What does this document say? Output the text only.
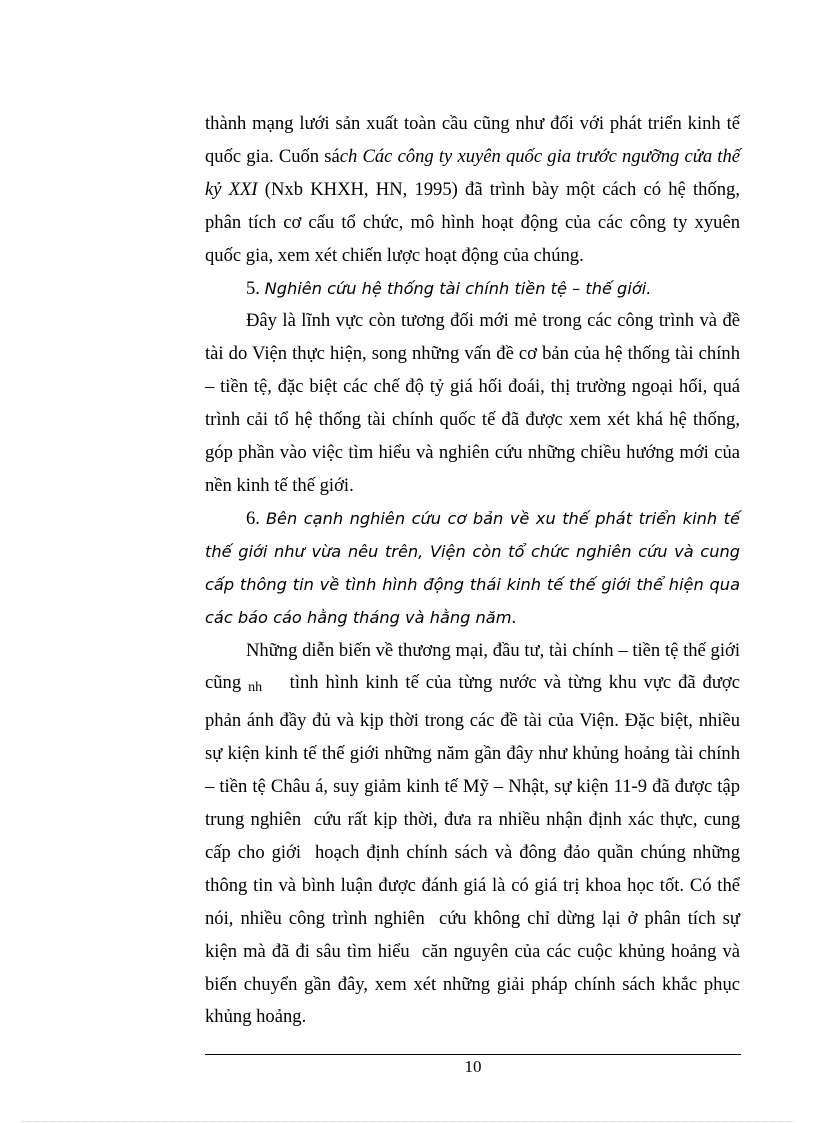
thành mạng lưới sản xuất toàn cầu cũng như đối với phát triển kinh tế quốc gia. Cuốn sách Các công ty xuyên quốc gia trước ngưỡng cửa thế kỷ XXI (Nxb KHXH, HN, 1995) đã trình bày một cách có hệ thống, phân tích cơ cấu tổ chức, mô hình hoạt động của các công ty xyuên quốc gia, xem xét chiến lược hoạt động của chúng.

5. Nghiên cứu hệ thống tài chính tiền tệ – thế giới.

Đây là lĩnh vực còn tương đối mới mẻ trong các công trình và đề tài do Viện thực hiện, song những vấn đề cơ bản của hệ thống tài chính – tiền tệ, đặc biệt các chế độ tỷ giá hối đoái, thị trường ngoại hối, quá trình cải tổ hệ thống tài chính quốc tế đã được xem xét khá hệ thống, góp phần vào việc tìm hiểu và nghiên cứu những chiều hướng mới của nền kinh tế thế giới.

6. Bên cạnh nghiên cứu cơ bản về xu thế phát triển kinh tế thế giới như vừa nêu trên, Viện còn tổ chức nghiên cứu và cung cấp thông tin về tình hình động thái kinh tế thế giới thể hiện qua các báo cáo hằng tháng và hằng năm.

Những diễn biến về thương mại, đầu tư, tài chính – tiền tệ thế giới cũng nh    tình hình kinh tế của từng nước và từng khu vực đã được phản ánh đầy đủ và kịp thời trong các đề tài của Viện. Đặc biệt, nhiều sự kiện kinh tế thế giới những năm gần đây như khủng hoảng tài chính – tiền tệ Châu á, suy giảm kinh tế Mỹ – Nhật, sự kiện 11-9 đã được tập trung nghiên  cứu rất kịp thời, đưa ra nhiều nhận định xác thực, cung cấp cho giới  hoạch định chính sách và đông đảo quần chúng những thông tin và bình luận được đánh giá là có giá trị khoa học tốt. Có thể nói, nhiều công trình nghiên  cứu không chỉ dừng lại ở phân tích sự kiện mà đã đi sâu tìm hiểu  căn nguyên của các cuộc khủng hoảng và biến chuyển gần đây, xem xét những giải pháp chính sách khắc phục khủng hoảng.

10
